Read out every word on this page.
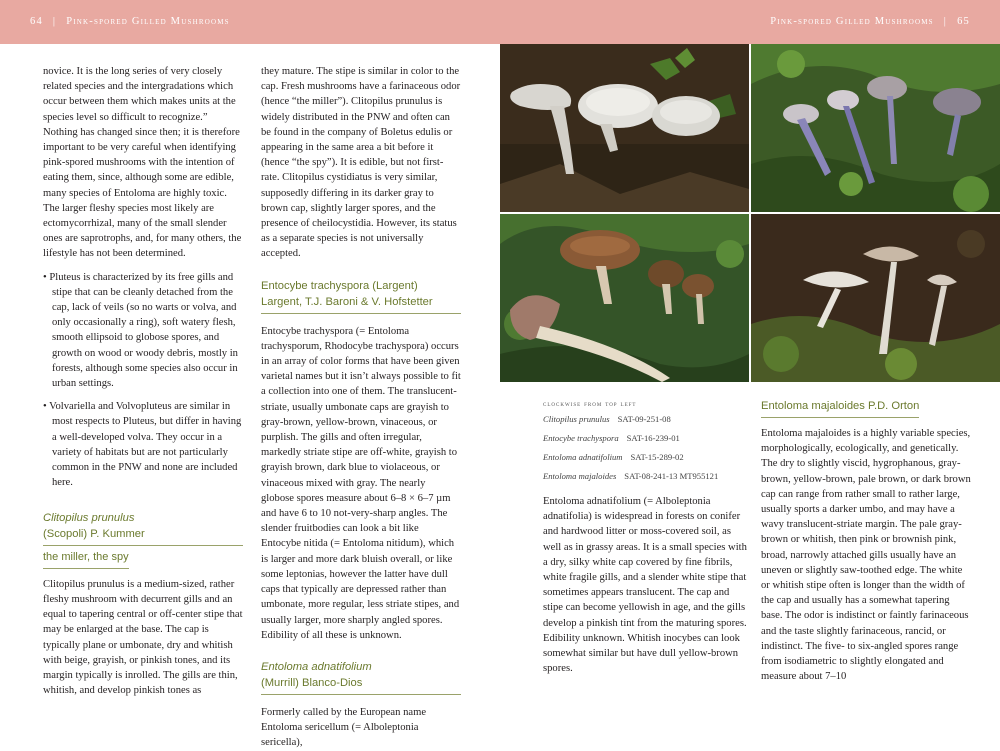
64 | Pink-spored Gilled Mushrooms

novice. It is the long series of very closely related species and the intergradations which occur between them which makes units at the species level so difficult to recognize.” Nothing has changed since then; it is therefore important to be very careful when identifying pink-spored mushrooms with the intention of eating them, since, although some are edible, many species of Entoloma are highly toxic. The larger fleshy species most likely are ectomycorrhizal, many of the small slender ones are saprotrophs, and, for many others, the lifestyle has not been determined.

• Pluteus is characterized by its free gills and stipe that can be cleanly detached from the cap, lack of veils (so no warts or volva, and only occasionally a ring), soft watery flesh, smooth ellipsoid to globose spores, and growth on wood or woody debris, mostly in forests, although some species also occur in urban settings.

• Volvariella and Volvopluteus are similar in most respects to Pluteus, but differ in having a well-developed volva. They occur in a variety of habitats but are not particularly common in the PNW and none are included here.

Clitopilus prunulus
(Scopoli) P. Kummer
the miller, the spy

Clitopilus prunulus is a medium-sized, rather fleshy mushroom with decurrent gills and an equal to tapering central or off-center stipe that may be enlarged at the base. The cap is typically plane or umbonate, dry and whitish with beige, grayish, or pinkish tones, and its margin typically is inrolled. The gills are thin, whitish, and develop pinkish tones as

they mature. The stipe is similar in color to the cap. Fresh mushrooms have a farinaceous odor (hence “the miller”). Clitopilus prunulus is widely distributed in the PNW and often can be found in the company of Boletus edulis or appearing in the same area a bit before it (hence “the spy”). It is edible, but not first-rate. Clitopilus cystidiatus is very similar, supposedly differing in its darker gray to brown cap, slightly larger spores, and the presence of cheilocystidia. However, its status as a separate species is not universally accepted.

Entocybe trachyspora (Largent)
Largent, T.J. Baroni & V. Hofstetter

Entocybe trachyspora (= Entoloma trachysporum, Rhodocybe trachyspora) occurs in an array of color forms that have been given varietal names but it isn’t always possible to fit a collection into one of them. The translucent-striate, usually umbonate caps are grayish to gray-brown, yellow-brown, vinaceous, or purplish. The gills and often irregular, markedly striate stipe are off-white, grayish to grayish brown, dark blue to violaceous, or vinaceous mixed with gray. The nearly globose spores measure about 6–8 × 6–7 µm and have 6 to 10 not-very-sharp angles. The slender fruitbodies can look a bit like Entocybe nitida (= Entoloma nitidum), which is larger and more dark bluish overall, or like some leptonias, however the latter have dull caps that typically are depressed rather than umbonate, more regular, less striate stipes, and usually larger, more sharply angled spores. Edibility of all these is unknown.

Entoloma adnatifolium
(Murrill) Blanco-Dios

Formerly called by the European name Entoloma sericellum (= Alboleptonia sericella),

Pink-spored Gilled Mushrooms | 65
clockwise from top left
Clitopilus prunulus SAT-09-251-08
Entocybe trachyspora SAT-16-239-01
Entoloma adnatifolium SAT-15-289-02
Entoloma majaloides SAT-08-241-13 MT955121

Entoloma adnatifolium (= Alboleptonia adnatifolia) is widespread in forests on conifer and hardwood litter or moss-covered soil, as well as in grassy areas. It is a small species with a dry, silky white cap covered by fine fibrils, white fragile gills, and a slender white stipe that sometimes appears translucent. The cap and stipe can become yellowish in age, and the gills develop a pinkish tint from the maturing spores. Edibility unknown. Whitish inocybes can look somewhat similar but have dull yellow-brown spores.

Entoloma majaloides P.D. Orton

Entoloma majaloides is a highly variable species, morphologically, ecologically, and genetically. The dry to slightly viscid, hygrophanous, gray-brown, yellow-brown, pale brown, or dark brown cap can range from rather small to rather large, usually sports a darker umbo, and may have a wavy translucent-striate margin. The pale gray-brown or whitish, then pink or brownish pink, broad, narrowly attached gills usually have an uneven or slightly saw-toothed edge. The white or whitish stipe often is longer than the width of the cap and usually has a somewhat tapering base. The odor is indistinct or faintly farinaceous and the taste slightly farinaceous, rancid, or indistinct. The five- to six-angled spores range from isodiametric to slightly elongated and measure about 7–10
